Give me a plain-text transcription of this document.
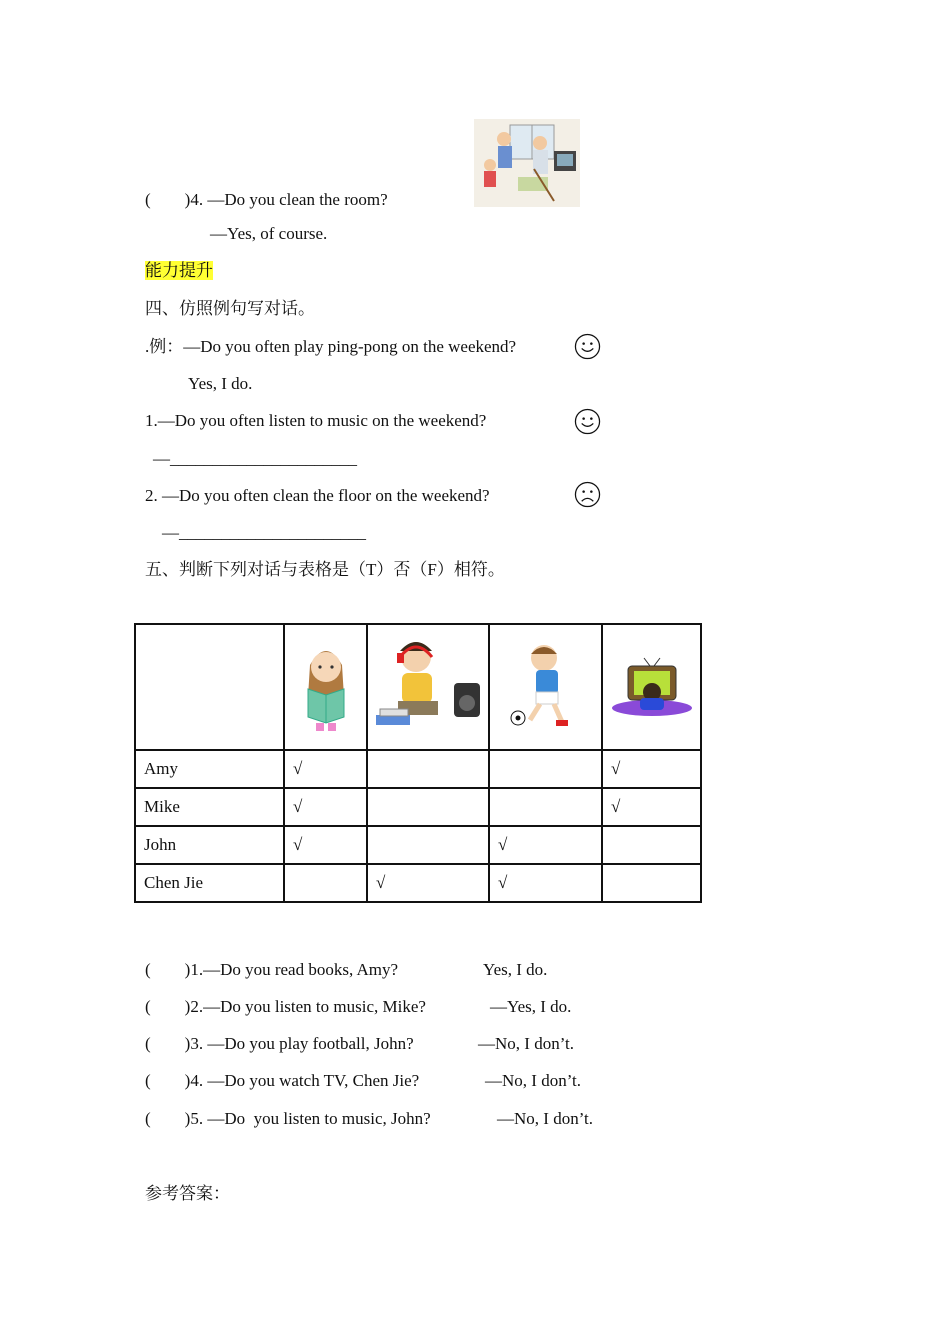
(        )4. —Do you clean the room?
—Yes, of course.
能力提升
四、仿照例句写对话。
.例：—Do you often play ping-pong on the weekend?
Yes, I do.
1.—Do you often listen to music on the weekend?
—______________________
2. —Do you often clean the floor on the weekend?
—______________________
五、判断下列对话与表格是（T）否（F）相符。

Amy	√			√
Mike	√			√
John	√		√	
Chen Jie		√	√	
(        )1.—Do you read books, Amy?	Yes, I do.
(        )2.—Do you listen to music, Mike?	—Yes, I do.
(        )3. —Do you play football, John?	—No, I don’t.
(        )4. —Do you watch TV, Chen Jie?	—No, I don’t.
(        )5. —Do  you listen to music, John?	—No, I don’t.
参考答案：
